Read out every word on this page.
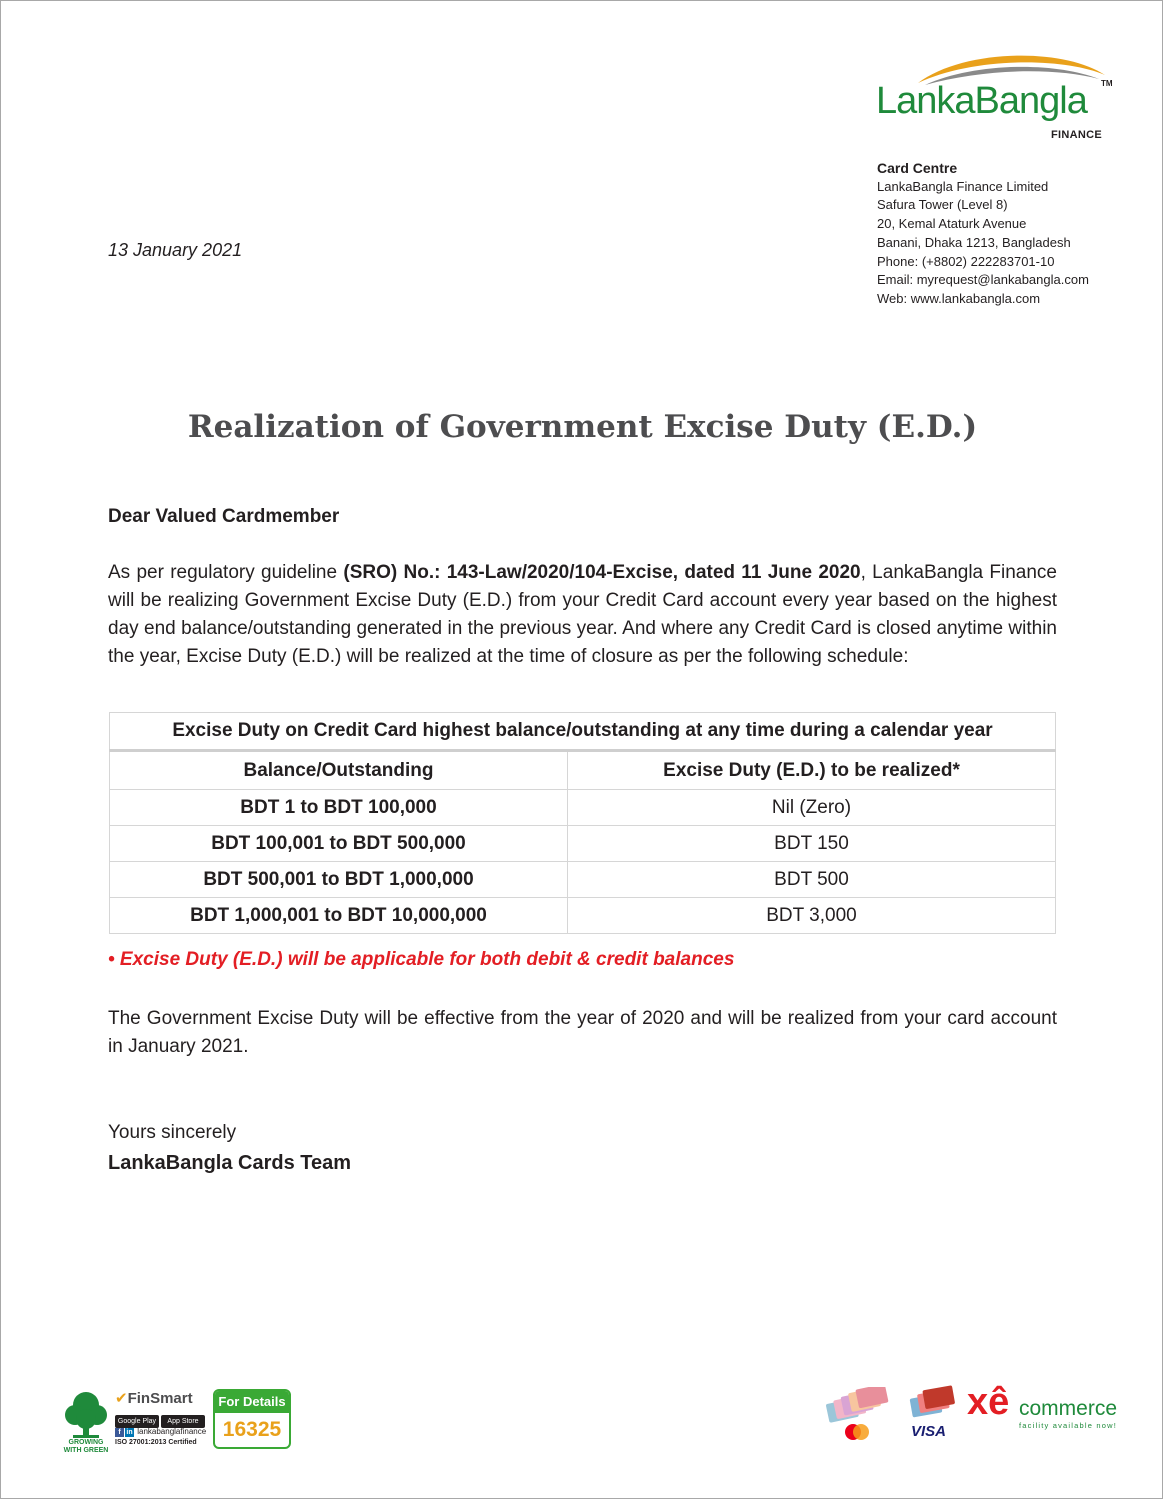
LankaBangla TM
FINANCE
Card Centre
LankaBangla Finance Limited
Safura Tower (Level 8)
20, Kemal Ataturk Avenue
Banani, Dhaka 1213, Bangladesh
Phone: (+8802) 222283701-10
Email: myrequest@lankabangla.com
Web: www.lankabangla.com
13 January 2021
Realization of Government Excise Duty (E.D.)
Dear Valued Cardmember
As per regulatory guideline (SRO) No.: 143-Law/2020/104-Excise, dated 11 June 2020, LankaBangla Finance will be realizing Government Excise Duty (E.D.) from your Credit Card account every year based on the highest day end balance/outstanding generated in the previous year. And where any Credit Card is closed anytime within the year, Excise Duty (E.D.) will be realized at the time of closure as per the following schedule:
Excise Duty on Credit Card highest balance/outstanding at any time during a calendar year	
Balance/Outstanding	Excise Duty (E.D.) to be realized*
BDT 1 to BDT 100,000	Nil (Zero)
BDT 100,001 to BDT 500,000	BDT 150
BDT 500,001 to BDT 1,000,000	BDT 500
BDT 1,000,001 to BDT 10,000,000	BDT 3,000
• Excise Duty (E.D.) will be applicable for both debit & credit balances
The Government Excise Duty will be effective from the year of 2020 and will be realized from your card account in January 2021.
Yours sincerely
LankaBangla Cards Team
GROWING WITH GREEN
✔FinSmart
Google Play App Store
f in lankabanglafinance
ISO 27001:2013 Certified
For Details
16325	VISA
xê commerce
facility available now!
